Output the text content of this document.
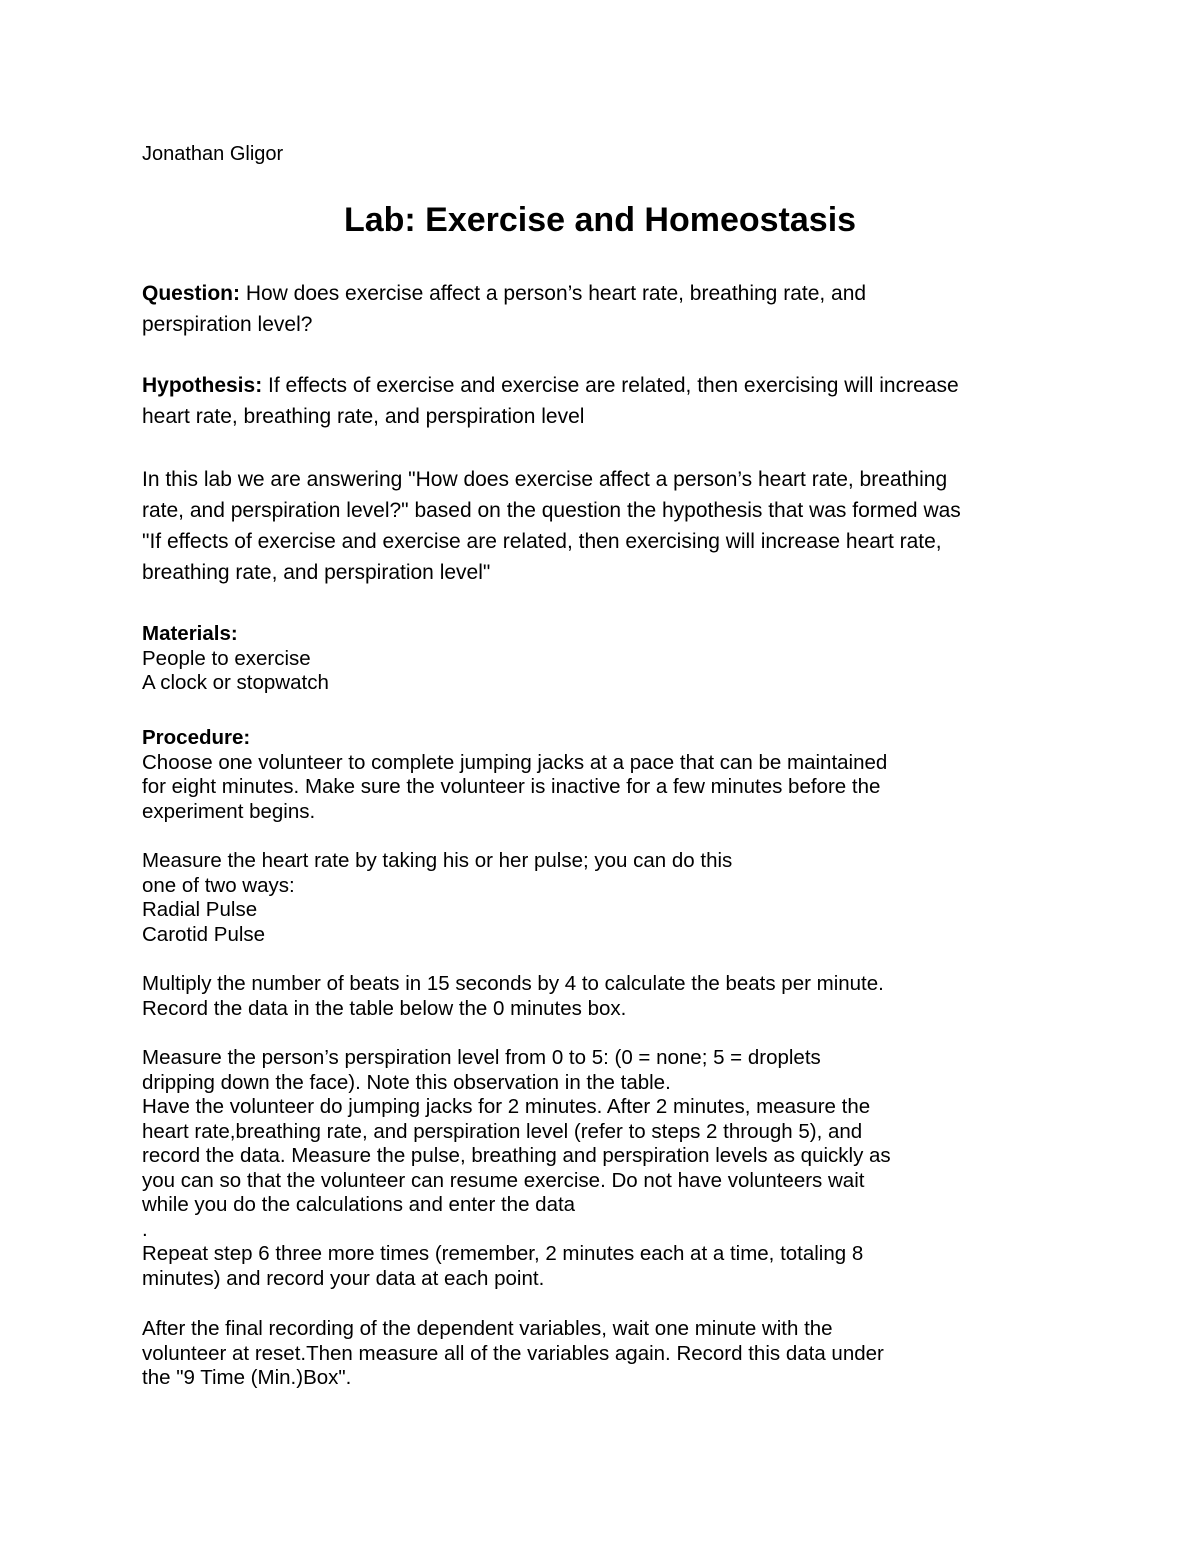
Jonathan Gligor
Lab: Exercise and Homeostasis
Question: How does exercise affect a person’s heart rate, breathing rate, and
perspiration level?
Hypothesis: If effects of exercise and exercise are related, then exercising will increase
heart rate, breathing rate, and perspiration level
In this lab we are answering "How does exercise affect a person’s heart rate, breathing
rate, and perspiration level?" based on the question the hypothesis that was formed was
"If effects of exercise and exercise are related, then exercising will increase heart rate,
breathing rate, and perspiration level"
Materials:
People to exercise
A clock or stopwatch
Procedure:
Choose one volunteer to complete jumping jacks at a pace that can be maintained
for eight minutes. Make sure the volunteer is inactive for a few minutes before the
experiment begins.
Measure the heart rate by taking his or her pulse; you can do this
one of two ways:
Radial Pulse
Carotid Pulse
Multiply the number of beats in 15 seconds by 4 to calculate the beats per minute.
Record the data in the table below the 0 minutes box.
Measure the person’s perspiration level from 0 to 5: (0 = none; 5 = droplets
dripping down the face). Note this observation in the table.
Have the volunteer do jumping jacks for 2 minutes. After 2 minutes, measure the
heart rate,breathing rate, and perspiration level (refer to steps 2 through 5), and
record the data. Measure the pulse, breathing and perspiration levels as quickly as
you can so that the volunteer can resume exercise. Do not have volunteers wait
while you do the calculations and enter the data
.
Repeat step 6 three more times (remember, 2 minutes each at a time, totaling 8
minutes) and record your data at each point.
After the final recording of the dependent variables, wait one minute with the
volunteer at reset.Then measure all of the variables again. Record this data under
the "9 Time (Min.)Box".
